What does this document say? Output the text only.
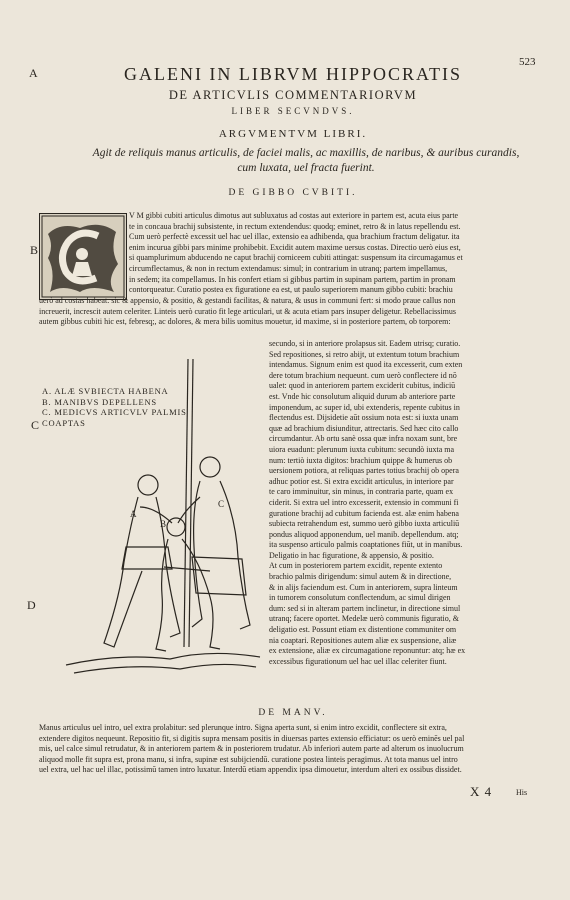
523
A
B
C
D
GALENI IN LIBRVM HIPPOCRATIS
DE ARTICVLIS COMMENTARIORVM
LIBER SECVNDVS.
ARGVMENTVM LIBRI.
Agit de reliquis manus articulis, de faciei malis, ac maxillis, de naribus, & auribus curandis, cum luxata, uel fracta fuerint.
DE GIBBO CVBITI.
V M gibbi cubiti articulus dimotus aut subluxatus ad costas aut exteriore in partem est, acuta eius parte
te in concaua brachij subsistente, in rectum extendendus: quodq; eminet, retro & in latus repellendu est.
Cum uerò perfectè excessit uel hac uel illac, extensio ea adhibenda, qua brachium fractum deligatur. ita
enim incurua gibbi pars minime prohibebit. Excidit autem maxime uersus costas. Directio uerò eius est,
si quamplurimum abducendo ne caput brachij corniceem cubiti attingat: suspensum ita circumagamus et
circumflectamus, & non in rectum extendamus: simul; in contrarium in utranq; partem impellamus,
in sedem; ita compellamus. In his confert etiam si gibbus partim in supinam partem, partim in pronam
contorqueatur. Curatio postea ex figuratione ea est, ut paulo superiorem manum gibbo cubiti: brachiu
uerò ad costas habeat. sic & appensio, & positio, & gestandi facilitas, & natura, & usus in communi fert: si modo praue callus non
increuerit, increscit autem celeriter. Linteis uerò curatio fit lege articulari, ut & acuta etiam pars insuper deligetur. Rebellacissimus
autem gibbus cubiti hic est, febresq;, ac dolores, & mera bilis uomitus mouetur, id maxime, si in posteriore partem, ob torporem:
A. ALÆ SVBIECTA HABENA
B. MANIBVS DEPELLENS
C. MEDICVS ARTICVLV PALMIS
COAPTAS
A
B
C
secundo, si in anteriore prolapsus sit. Eadem utrisq; curatio.
Sed repositiones, si retro abijt, ut extentum totum brachium
intendamus. Signum enim est quod ita excesserit, cum exten
dere totum brachium nequeunt. cum uerò conflectere id nō
ualet: quod in anteriorem partem exciderit cubitus, indiciū
est. Vnde hic consolutum aliquid durum ab anteriore parte
imponendum, ac super id, ubi extenderis, repente cubitus in
flectendus est. Dijsidetie aūt ossium nota est: si iuxta unam
quæ ad brachium disiunditur, attrectaris. Sed hæc cito callo
circumdantur. Ab ortu sanè ossa quæ infra noxam sunt, bre
uiora euadunt: plerunum iuxta cubitum: secundò iuxta ma
num: tertiò iuxta digitos: brachium quippe & humerus ob
uersionem potiora, at reliquas partes totius brachij ob opera
adhuc potior est. Si extra excidit articulus, in interiore par
te caro imminuitur, sin minus, in contraria parte, quam ex
ciderit. Si extra uel intro excesserit, extensio in communi fi
guratione brachij ad cubitum facienda est. alæ enim habena
subiecta retrahendum est, summo uerò gibbo iuxta articuliū
pondus aliquod apponendum, uel manib. depellendum. atq;
ita suspenso articulo palmis coaptationes fiūt, ut in manibus.
Deligatio in hac figuratione, & appensio, & positio.
At cum in posteriorem partem excidit, repente extento
brachio palmis dirigendum: simul autem & in directione,
& in alijs faciendum est. Cum in anteriorem, supra linteum
in tumorem consolutum conflectendum, ac simul dirigen
dum: sed si in alteram partem inclinetur, in directione simul
utranq; facere oportet. Medelæ uerò communis figuratio, &
deligatio est. Possunt etiam ex distentione communiter om
nia coaptari. Repositiones autem aliæ ex suspensione, aliæ
ex extensione, aliæ ex circumagatione reponuntur: atq; hæ ex
excessibus figurationum uel hac uel illac celeriter fiunt.
DE MANV.
Manus articulus uel intro, uel extra prolabitur: sed plerunque intro. Signa aperta sunt, si enim intro excidit, conflectere sit extra,
extendere digitos nequeunt. Repositio fit, si digitis supra mensam positis in diuersas partes extensio efficiatur: os uerò eminēs uel pal
mis, uel calce simul retrudatur, & in anteriorem partem & in posteriorem trudatur. Ab inferiori autem parte ad alterum os inuolucrum
aliquod molle fit supra est, prona manu, si infra, supinæ est subijciendū. curatione postea linteis peragimus. At tota manus uel intro
uel extra, uel hac uel illac, potissimū tamen intro luxatur. Interdū etiam appendix ipsa dimouetur, interdum alteri ex ossibus dissidet.
X 4	His
